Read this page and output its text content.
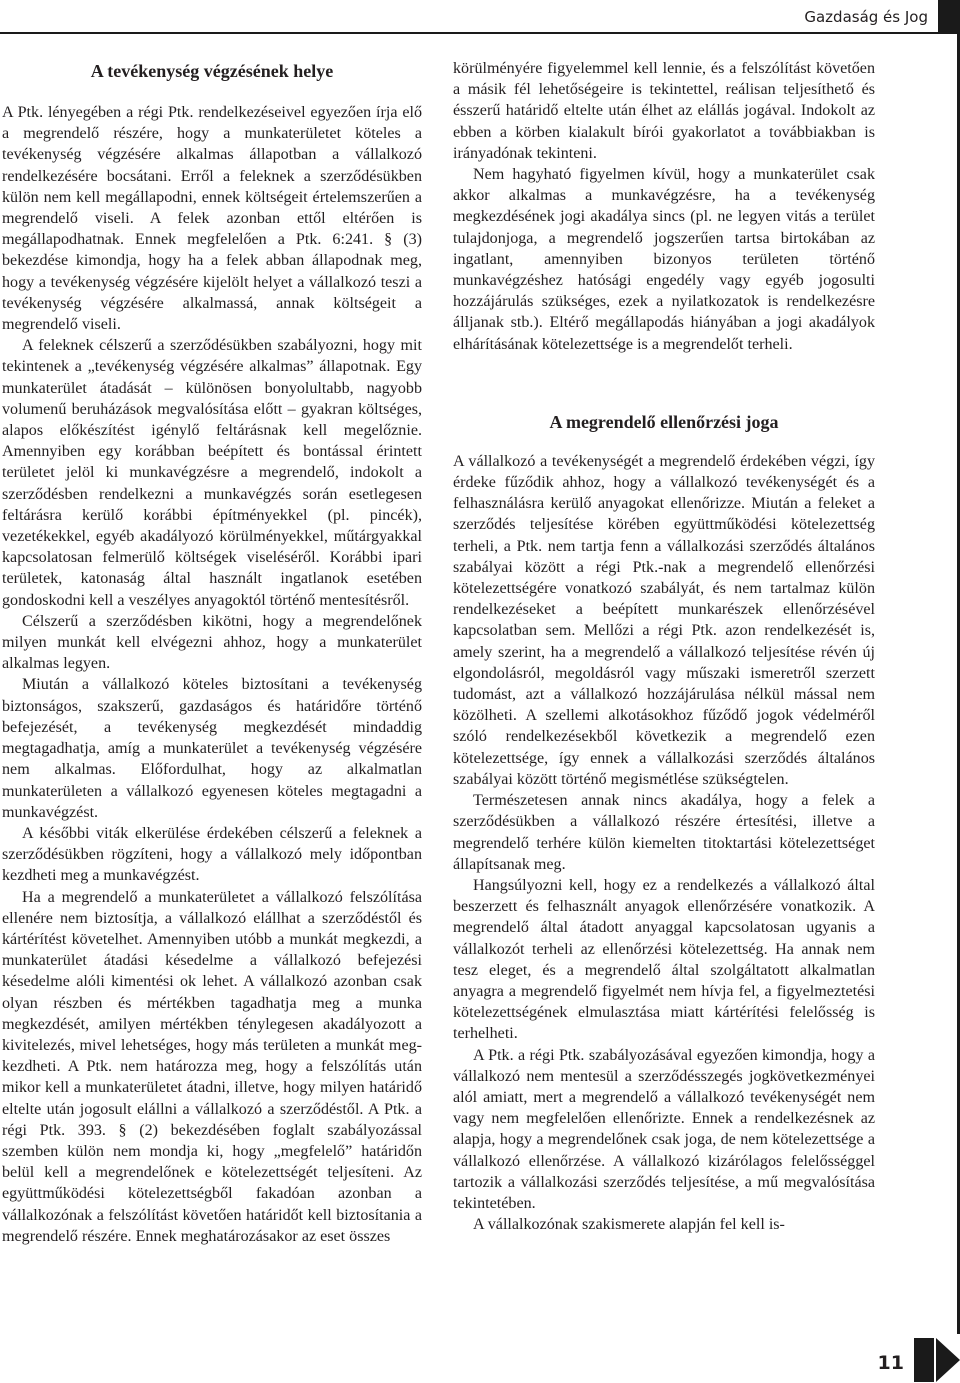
Gazdaság és Jog
A tevékenység végzésének helye

A Ptk. lényegében a régi Ptk. rendelkezéseivel egyezően írja elő a megrendelő részére, hogy a munkaterületet köteles a tevékenység végzésére alkalmas állapotban a vállalkozó rendelkezésére bocsátani. Erről a feleknek a szerződésükben külön nem kell megállapodni, ennek költségeit értelemszerűen a megrendelő viseli. A felek azonban ettől eltérően is megállapodhatnak. Ennek megfelelően a Ptk. 6:241. § (3) bekezdése kimondja, hogy ha a felek abban állapodnak meg, hogy a tevékenység végzésére kijelölt helyet a vállalkozó teszi a tevékenység végzésére alkalmassá, annak költségeit a megrendelő viseli.

A feleknek célszerű a szerződésükben szabályozni, hogy mit tekintenek a „tevékenység végzésére alkalmas” állapotnak. Egy munkaterület átadását – különösen bonyolultabb, nagyobb volumenű beruházások megvalósítása előtt – gyakran költséges, alapos előkészítést igénylő feltárásnak kell megelőznie. Amennyiben egy korábban beépített és bontással érintett területet jelöl ki munkavégzésre a megrendelő, indokolt a szerződésben rendelkezni a munkavégzés során esetlegesen feltárásra kerülő korábbi építményekkel (pl. pincék), vezetékekkel, egyéb akadályozó körülményekkel, műtárgyakkal kapcsolatosan felmerülő költségek viseléséről. Korábbi ipari területek, katonaság által használt ingatlanok esetében gondoskodni kell a veszélyes anyagoktól történő mentesítésről.

Célszerű a szerződésben kikötni, hogy a megrendelőnek milyen munkát kell elvégezni ahhoz, hogy a munkaterület alkalmas legyen.

Miután a vállalkozó köteles biztosítani a tevékenység biztonságos, szakszerű, gazdaságos és határidőre történő befejezését, a tevékenység megkezdését mindaddig megtagadhatja, amíg a munkaterület a tevékenység végzésére nem alkalmas. Előfordulhat, hogy az alkalmatlan munkaterületen a vállalkozó egyenesen köteles megtagadni a munkavégzést.

A későbbi viták elkerülése érdekében célszerű a feleknek a szerződésükben rögzíteni, hogy a vállalkozó mely időpontban kezdheti meg a munkavégzést.

Ha a megrendelő a munkaterületet a vállalkozó felszólítása ellenére nem biztosítja, a vállalkozó elállhat a szerződéstől és kártérítést követelhet. Amennyiben utóbb a munkát megkezdi, a munkaterület átadási késedelme a vállalkozó befejezési késedelme alóli kimentési ok lehet. A vállalkozó azonban csak olyan részben és mértékben tagadhatja meg a munka megkezdését, amilyen mértékben ténylegesen akadályozott a kivitelezés, mivel lehetséges, hogy más területen a munkát megkezdheti. A Ptk. nem határozza meg, hogy a felszólítás után mikor kell a munkaterületet átadni, illetve, hogy milyen határidő eltelte után jogosult elállni a vállalkozó a szerződéstől. A Ptk. a régi Ptk. 393. § (2) bekezdésében foglalt szabályozással szemben külön nem mondja ki, hogy „megfelelő” határidőn belül kell a megrendelőnek e kötelezettségét teljesíteni. Az együttműködési kötelezettségből fakadóan azonban a vállalkozónak a felszólítást követően határidőt kell biztosítania a megrendelő részére. Ennek meghatározásakor az eset összes

körülményére figyelemmel kell lennie, és a felszólítást követően a másik fél lehetőségeire is tekintettel, reálisan teljesíthető és ésszerű határidő eltelte után élhet az elállás jogával. Indokolt az ebben a körben kialakult bírói gyakorlatot a továbbiakban is irányadónak tekinteni.

Nem hagyható figyelmen kívül, hogy a munkaterület csak akkor alkalmas a munkavégzésre, ha a tevékenység megkezdésének jogi akadálya sincs (pl. ne legyen vitás a terület tulajdonjoga, a megrendelő jogszerűen tartsa birtokában az ingatlant, amennyiben bizonyos területen történő munkavégzéshez hatósági engedély vagy egyéb jogosulti hozzájárulás szükséges, ezek a nyilatkozatok is rendelkezésre álljanak stb.). Eltérő megállapodás hiányában a jogi akadályok elhárításának kötelezettsége is a megrendelőt terheli.

A megrendelő ellenőrzési joga

A vállalkozó a tevékenységét a megrendelő érdekében végzi, így érdeke fűződik ahhoz, hogy a vállalkozó tevékenységét és a felhasználásra kerülő anyagokat ellenőrizze. Miután a feleket a szerződés teljesítése körében együttműködési kötelezettség terheli, a Ptk. nem tartja fenn a vállalkozási szerződés általános szabályai között a régi Ptk.-nak a megrendelő ellenőrzési kötelezettségére vonatkozó szabályát, és nem tartalmaz külön rendelkezéseket a beépített munkarészek ellenőrzésével kapcsolatban sem. Mellőzi a régi Ptk. azon rendelkezését is, amely szerint, ha a megrendelő a vállalkozó teljesítése révén új elgondolásról, megoldásról vagy műszaki ismeretről szerzett tudomást, azt a vállalkozó hozzájárulása nélkül mással nem közölheti. A szellemi alkotásokhoz fűződő jogok védelméről szóló rendelkezésekből következik a megrendelő ezen kötelezettsége, így ennek a vállalkozási szerződés általános szabályai között történő megismétlése szükségtelen.

Természetesen annak nincs akadálya, hogy a felek a szerződésükben a vállalkozó részére értesítési, illetve a megrendelő terhére külön kiemelten titoktartási kötelezettséget állapítsanak meg.

Hangsúlyozni kell, hogy ez a rendelkezés a vállalkozó által beszerzett és felhasznált anyagok ellenőrzésére vonatkozik. A megrendelő által átadott anyaggal kapcsolatosan ugyanis a vállalkozót terheli az ellenőrzési kötelezettség. Ha annak nem tesz eleget, és a megrendelő által szolgáltatott alkalmatlan anyagra a megrendelő figyelmét nem hívja fel, a figyelmeztetési kötelezettségének elmulasztása miatt kártérítési felelősség is terhelheti.

A Ptk. a régi Ptk. szabályozásával egyezően kimondja, hogy a vállalkozó nem mentesül a szerződésszegés jogkövetkezményei alól amiatt, mert a megrendelő a vállalkozó tevékenységét nem vagy nem megfelelően ellenőrizte. Ennek a rendelkezésnek az alapja, hogy a megrendelőnek csak joga, de nem kötelezettsége a vállalkozó ellenőrzése. A vállalkozó kizárólagos felelősséggel tartozik a vállalkozási szerződés teljesítése, a mű megvalósítása tekintetében.

A vállalkozónak szakismerete alapján fel kell is-

11
